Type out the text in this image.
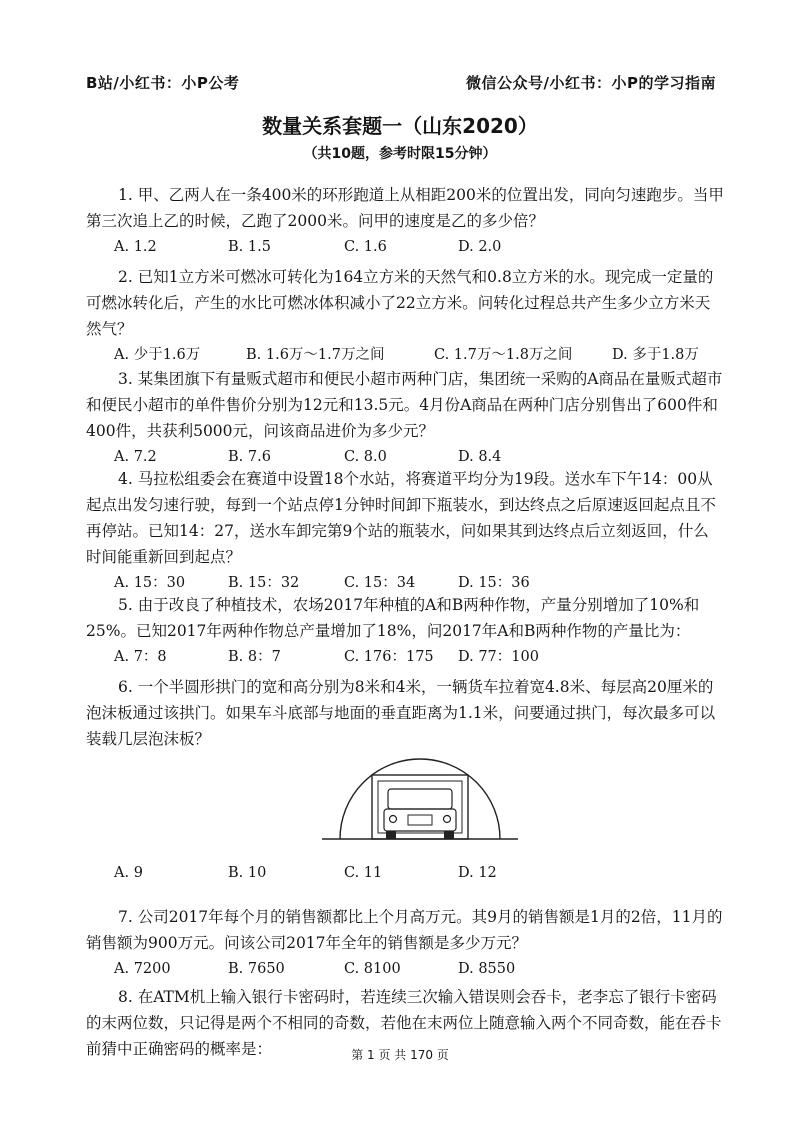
B站/小红书：小P公考	微信公众号/小红书：小P的学习指南
数量关系套题一（山东2020）
（共10题，参考时限15分钟）

1. 甲、乙两人在一条400米的环形跑道上从相距200米的位置出发，同向匀速跑步。当甲第三次追上乙的时候，乙跑了2000米。问甲的速度是乙的多少倍？

A. 1.2	B. 1.5	C. 1.6	D. 2.0

2. 已知1立方米可燃冰可转化为164立方米的天然气和0.8立方米的水。现完成一定量的可燃冰转化后，产生的水比可燃冰体积减小了22立方米。问转化过程总共产生多少立方米天然气？

A. 少于1.6万	B. 1.6万～1.7万之间	C. 1.7万～1.8万之间	D. 多于1.8万

3. 某集团旗下有量贩式超市和便民小超市两种门店，集团统一采购的A商品在量贩式超市和便民小超市的单件售价分别为12元和13.5元。4月份A商品在两种门店分别售出了600件和400件，共获利5000元，问该商品进价为多少元？

A. 7.2	B. 7.6	C. 8.0	D. 8.4

4. 马拉松组委会在赛道中设置18个水站，将赛道平均分为19段。送水车下午14：00从起点出发匀速行驶，每到一个站点停1分钟时间卸下瓶装水，到达终点之后原速返回起点且不再停站。已知14：27，送水车卸完第9个站的瓶装水，问如果其到达终点后立刻返回，什么时间能重新回到起点？

A. 15：30	B. 15：32	C. 15：34	D. 15：36

5. 由于改良了种植技术，农场2017年种植的A和B两种作物，产量分别增加了10%和25%。已知2017年两种作物总产量增加了18%，问2017年A和B两种作物的产量比为：

A. 7：8	B. 8：7	C. 176：175 D. 77：100

6. 一个半圆形拱门的宽和高分别为8米和4米，一辆货车拉着宽4.8米、每层高20厘米的泡沫板通过该拱门。如果车斗底部与地面的垂直距离为1.1米，问要通过拱门，每次最多可以装载几层泡沫板？

A. 9	B. 10	C. 11	D. 12

7. 公司2017年每个月的销售额都比上个月高万元。其9月的销售额是1月的2倍，11月的销售额为900万元。问该公司2017年全年的销售额是多少万元？

A. 7200	B. 7650	C. 8100	D. 8550

8. 在ATM机上输入银行卡密码时，若连续三次输入错误则会吞卡，老李忘了银行卡密码的末两位数，只记得是两个不相同的奇数，若他在末两位上随意输入两个不同奇数，能在吞卡前猜中正确密码的概率是：	第 1 页 共 170 页
